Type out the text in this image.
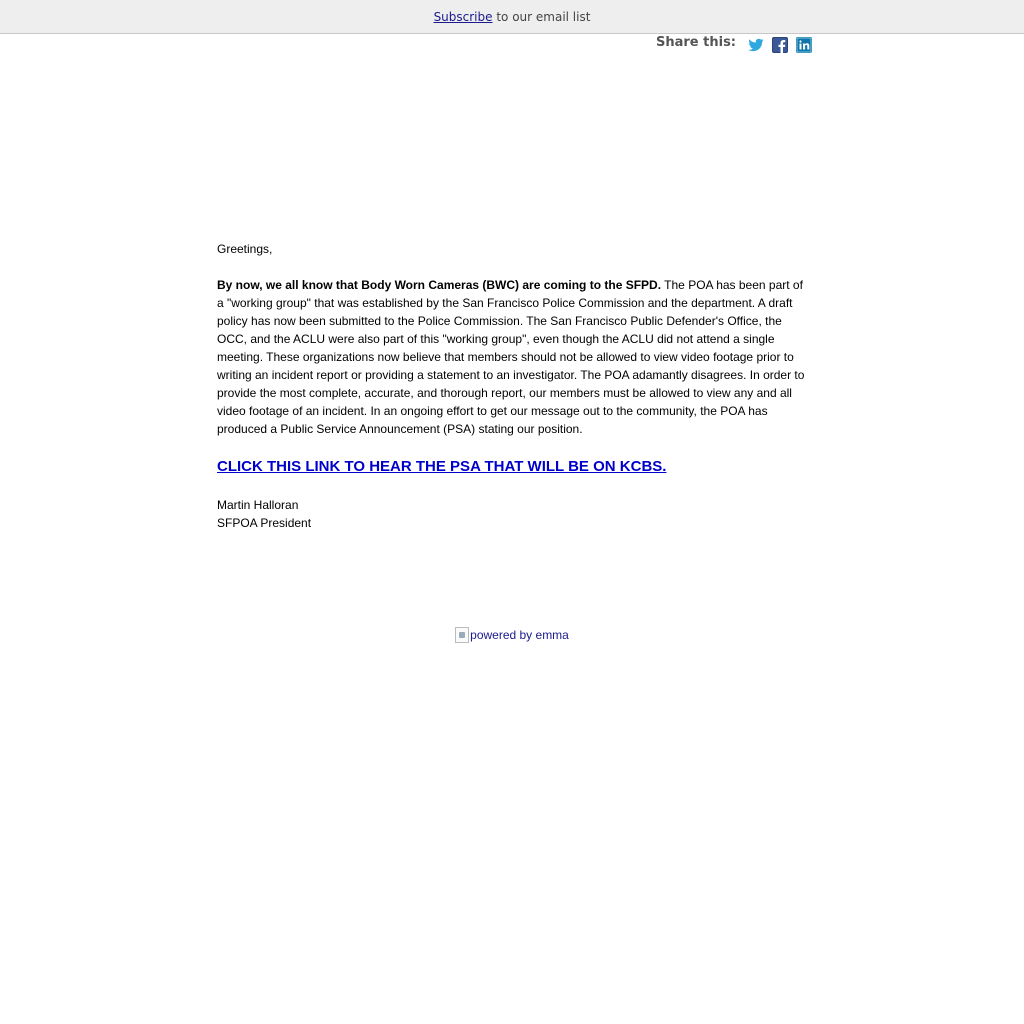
Subscribe to our email list
Share this:

Greetings,

By now, we all know that Body Worn Cameras (BWC) are coming to the SFPD. The POA has been part of a "working group" that was established by the San Francisco Police Commission and the department. A draft policy has now been submitted to the Police Commission. The San Francisco Public Defender's Office, the OCC, and the ACLU were also part of this "working group", even though the ACLU did not attend a single meeting. These organizations now believe that members should not be allowed to view video footage prior to writing an incident report or providing a statement to an investigator. The POA adamantly disagrees. In order to provide the most complete, accurate, and thorough report, our members must be allowed to view any and all video footage of an incident. In an ongoing effort to get our message out to the community, the POA has produced a Public Service Announcement (PSA) stating our position.

CLICK THIS LINK TO HEAR THE PSA THAT WILL BE ON KCBS.

Martin Halloran

SFPOA President

powered by emma
